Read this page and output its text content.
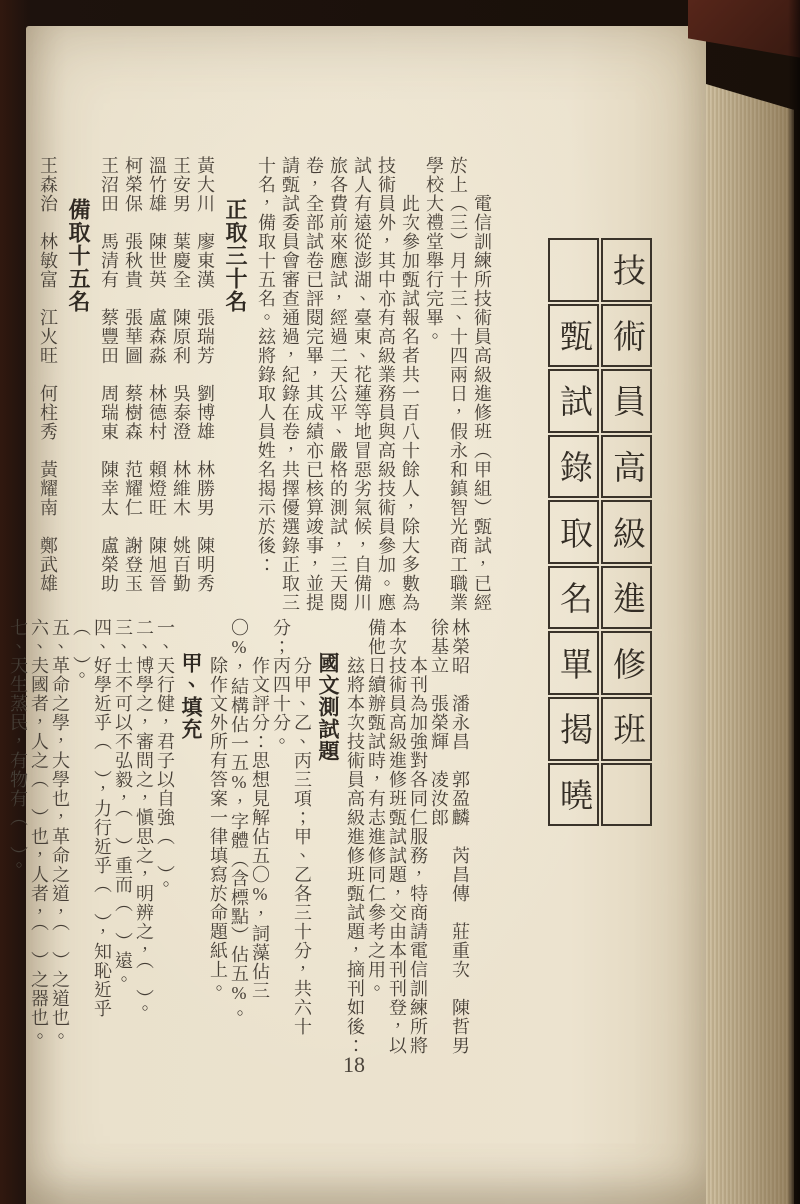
技
術
員
高
級
進
修
班
甄
試
錄
取
名
單
揭
曉

　　電信訓練所技術員高級進修班（甲組）甄試，已經於上（三）月十三、十四兩日，假永和鎮智光商工職業學校大禮堂舉行完畢。

　　此次參加甄試報名者共一百八十餘人，除大多數為技術員外，其中亦有高級業務員與高級技術員參加。應試人有遠從澎湖、臺東、花蓮等地冒惡劣氣候，自備川旅各費前來應試，經過二天公平、嚴格的測試，三天閱卷，全部試卷已評閱完畢，其成績亦已核算竣事，並提請甄試委員會審查通過，紀錄在卷，共擇優選錄正取三十名，備取十五名。玆將錄取人員姓名揭示於後：

正取三十名
黃大川　廖東漢　張瑞芳　劉博雄　林勝男　陳明秀
王安男　葉慶全　陳原利　吳泰澄　林維木　姚百勤
溫竹雄　陳世英　盧森淼　林德村　賴燈旺　陳旭晉
柯榮保　張秋貴　張華圖　蔡樹森　范耀仁　謝登玉
王沼田　馬清有　蔡豐田　周瑞東　陳幸太　盧榮助
備取十五名
王森治　林敏富　江火旺　何柱秀　黃耀南　鄭武雄
林榮昭　潘永昌　郭盈麟　芮昌傳　莊重次　陳哲男
徐基立　張榮輝　凌汝郎

　　本刊為加強對各同仁服務，特商請電信訓練所將本次技術員高級進修班甄試試題，交由本刊刊登，以備他日續辦甄試時，有志進修同仁參考之用。

　　玆將本次技術員高級進修班甄試題，摘刊如後：

國文測試題

　　分甲、乙、丙三項；甲、乙各三十分，共六十分；丙四十分。

　　作文評分：思想見解佔五〇%，詞藻佔三〇%，結構佔一五%，字體（含標點）佔五%。

　　除作文外所有答案一律填寫於命題紙上。

甲、填充

一、天行健，君子以自強（　）。

二、博學之，審問之，愼思之，明辨之，（　）。

三、士不可以不弘毅，（　）重而（　）遠。

四、好學近乎（　），力行近乎（　），知恥近乎（　）。

五、革命之學，大學也，革命之道，（　）之道也。

六、夫國者，人之（　）也，人者，（　）之器也。

七、天生蒸民，有物有（　）。

18
